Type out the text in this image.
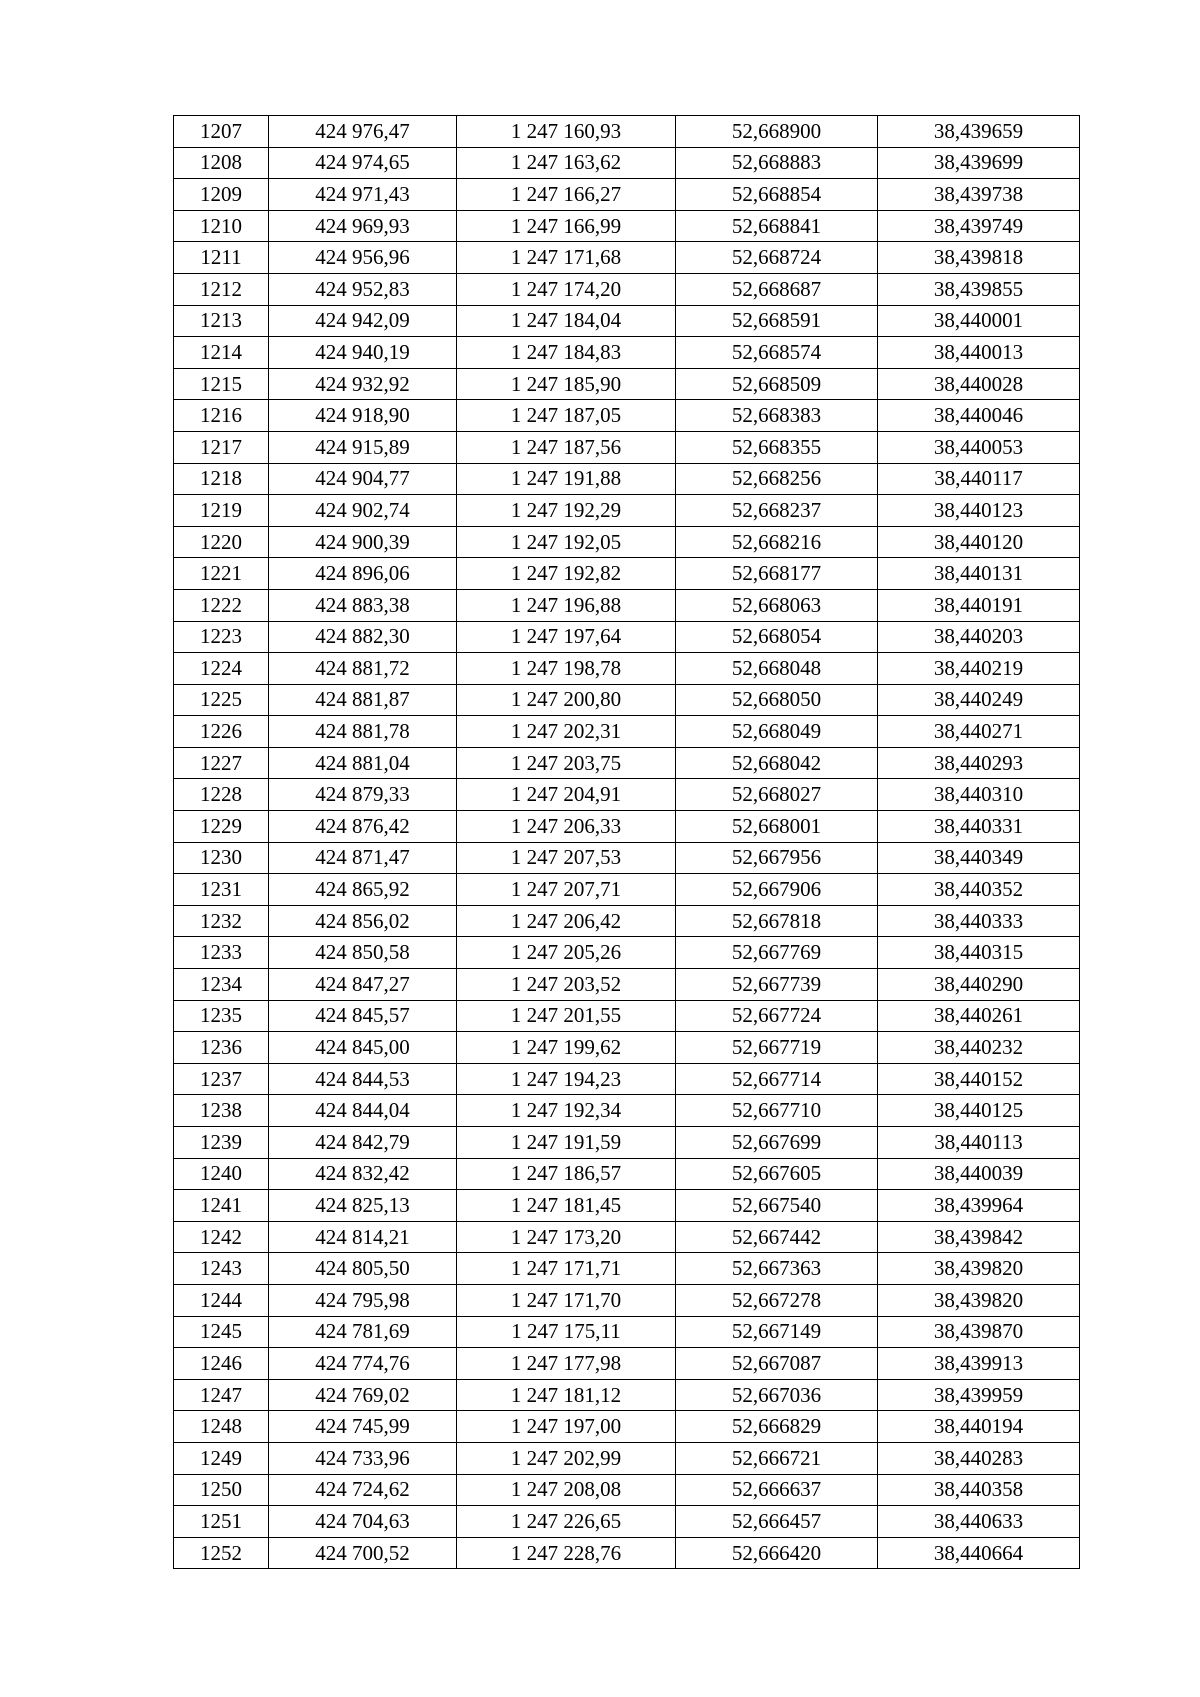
1207	424 976,47	1 247 160,93	52,668900	38,439659
1208	424 974,65	1 247 163,62	52,668883	38,439699
1209	424 971,43	1 247 166,27	52,668854	38,439738
1210	424 969,93	1 247 166,99	52,668841	38,439749
1211	424 956,96	1 247 171,68	52,668724	38,439818
1212	424 952,83	1 247 174,20	52,668687	38,439855
1213	424 942,09	1 247 184,04	52,668591	38,440001
1214	424 940,19	1 247 184,83	52,668574	38,440013
1215	424 932,92	1 247 185,90	52,668509	38,440028
1216	424 918,90	1 247 187,05	52,668383	38,440046
1217	424 915,89	1 247 187,56	52,668355	38,440053
1218	424 904,77	1 247 191,88	52,668256	38,440117
1219	424 902,74	1 247 192,29	52,668237	38,440123
1220	424 900,39	1 247 192,05	52,668216	38,440120
1221	424 896,06	1 247 192,82	52,668177	38,440131
1222	424 883,38	1 247 196,88	52,668063	38,440191
1223	424 882,30	1 247 197,64	52,668054	38,440203
1224	424 881,72	1 247 198,78	52,668048	38,440219
1225	424 881,87	1 247 200,80	52,668050	38,440249
1226	424 881,78	1 247 202,31	52,668049	38,440271
1227	424 881,04	1 247 203,75	52,668042	38,440293
1228	424 879,33	1 247 204,91	52,668027	38,440310
1229	424 876,42	1 247 206,33	52,668001	38,440331
1230	424 871,47	1 247 207,53	52,667956	38,440349
1231	424 865,92	1 247 207,71	52,667906	38,440352
1232	424 856,02	1 247 206,42	52,667818	38,440333
1233	424 850,58	1 247 205,26	52,667769	38,440315
1234	424 847,27	1 247 203,52	52,667739	38,440290
1235	424 845,57	1 247 201,55	52,667724	38,440261
1236	424 845,00	1 247 199,62	52,667719	38,440232
1237	424 844,53	1 247 194,23	52,667714	38,440152
1238	424 844,04	1 247 192,34	52,667710	38,440125
1239	424 842,79	1 247 191,59	52,667699	38,440113
1240	424 832,42	1 247 186,57	52,667605	38,440039
1241	424 825,13	1 247 181,45	52,667540	38,439964
1242	424 814,21	1 247 173,20	52,667442	38,439842
1243	424 805,50	1 247 171,71	52,667363	38,439820
1244	424 795,98	1 247 171,70	52,667278	38,439820
1245	424 781,69	1 247 175,11	52,667149	38,439870
1246	424 774,76	1 247 177,98	52,667087	38,439913
1247	424 769,02	1 247 181,12	52,667036	38,439959
1248	424 745,99	1 247 197,00	52,666829	38,440194
1249	424 733,96	1 247 202,99	52,666721	38,440283
1250	424 724,62	1 247 208,08	52,666637	38,440358
1251	424 704,63	1 247 226,65	52,666457	38,440633
1252	424 700,52	1 247 228,76	52,666420	38,440664
